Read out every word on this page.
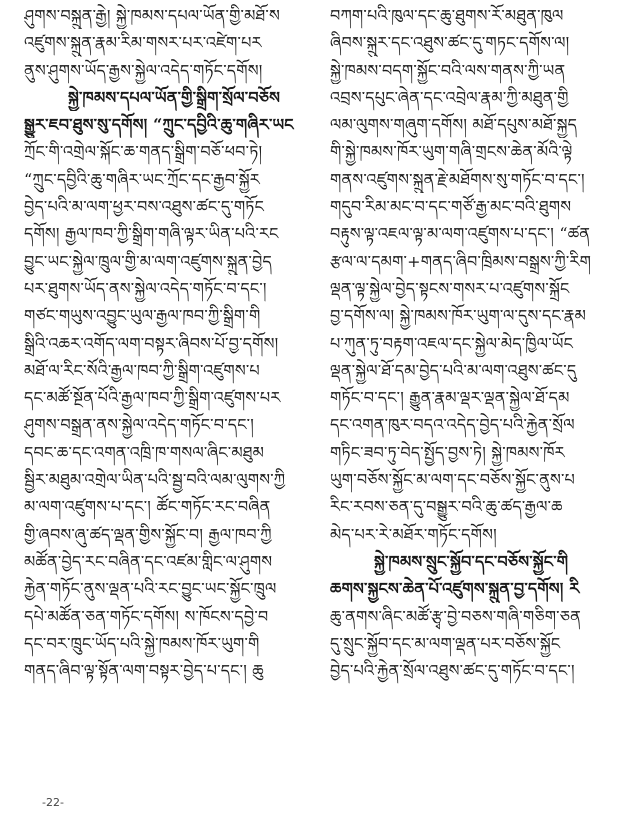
ཤུགས་བསྐྲུན་རྒྱེ། སྐྱེ་ཁམས་དཔལ་ཡོན་གྱི་མཐོ་ས
འཛུགས་སྐྲུན་རྣམ་རིམ་གསར་པར་འཛེག་པར
ནུས་ཤུགས་ཡོད་རྒྱས་སྐྱེལ་འདེད་གཏོང་དགོས།
སྐྱེ་ཁམས་དཔལ་ཡོན་གྱི་སྒྲིག་སྲོལ་བཅོས
སྒྱུར་ཇབ་ཐུས་སུ་དགོས། “ཀྲུང་དབྱིའི་ཆུ་གཞིར་ཡང
ཀྲོང་གི་འགྲེལ་སྐོང་ཆ་གནད་སྒྲིག་བཅོ་ཕབ་ཏེ།
“ཀྲུང་དབྱིའི་ཆུ་གཞིར་ཡང་ཀྲོང་དང་རྒྱབ་སྐྱོར
བྱེད་པའི་མ་ལག་ཕྱར་བས་འཐུས་ཚང་དུ་གཏོང
དགོས། རྒྱལ་ཁབ་ཀྱི་སྒྲིག་གཞི་ལྟར་ཡིན་པའི་རང
བྱུང་ཡང་སྐྱེལ་ཁྲུལ་གྱི་མ་ལག་འཛུགས་སྐྲུན་བྱེད
པར་ཐུགས་ཡོད་ནས་སྐྱེལ་འདེད་གཏོང་བ་དང་།
གཙང་གཡུས་འབྱུང་ཡུལ་རྒྱལ་ཁབ་ཀྱི་སྒྲིག་གི
སྒྲིའི་འཆར་འགོད་ལག་བསྟར་ཞིབས་པོ་བྱ་དགོས།
མཐོ་ལ་རིང་སོའི་རྒྱལ་ཁབ་ཀྱི་སྒྲིག་འཛུགས་པ
དང་མཚོ་སྔོན་པོའི་རྒྱལ་ཁབ་ཀྱི་སྒྲིག་འཛུགས་པར
ཤུགས་བསྒྲན་ནས་སྐྱེལ་འདེད་གཏོང་བ་དང་།
དབང་ཆ་དང་འགན་འཁྲི་ཁ་གསལ་ཞིང་མཐུམ
སྦྱིར་མཐུམ་འགྲེལ་ཡིན་པའི་སྦྱ་བའི་ལམ་ལུགས་ཀྱི
མ་ལག་འཛུགས་པ་དང་། ཚོང་གཏོང་རང་བཞིན
གྱི་ཞབས་ཞུ་ཚད་ལྡན་གྱིས་སྐྱོང་བ། རྒྱལ་ཁབ་ཀྱི
མཚོན་བྱེད་རང་བཞིན་དང་འཛམ་གླིང་ལ་ཤུགས
རྐྱེན་གཏོང་ནུས་ལྡན་པའི་རང་བྱུང་ཡང་སྐྱོང་ཁྲུལ
དཔེ་མཚོན་ཅན་གཏོང་དགོས། ས་ཁོངས་དབྱེ་བ
དང་བར་ཁྲུང་ཡོད་པའི་སྐྱེ་ཁམས་ཁོར་ཡུག་གི
གནད་ཞིབ་ལྟ་སྟོན་ལག་བསྟར་བྱེད་པ་དང་། ཆུ
བཀག་པའི་ཁུལ་དང་ཆུ་ཐུགས་རོ་མཐུན་ཁུལ
ཞིབས་སྐྲུར་དང་འཐུས་ཚང་དུ་གཏང་དགོས་ལ།
སྐྱེ་ཁམས་བདག་སྐྱོང་བའི་ལས་གནས་ཀྱི་ཡན
འབྲས་དཔུང་ཞེན་དང་འབྲེལ་རྣམ་ཀྱི་མཐུན་གྱི
ལམ་ལུགས་གཞུག་དགོས། མཐོ་དཔུས་མཐོ་སྐྱད
གི་སྐྱེ་ཁམས་ཁོར་ཡུག་གཞི་གྲངས་ཆེན་མོའི་ལྟེ
གནས་འཛུགས་སྐྲུན་རྗེ་མཐོགས་སུ་གཏོང་བ་དང་།
གདུབ་རིམ་མང་བ་དང་གཙོ་རྒྱ་མང་བའི་ཐུགས
བརྟུས་ལྟ་འཇལ་ལྟ་མ་ལག་འཛུགས་པ་དང་། “ཚན
རྩལ་ལ་དམག་+གནད་ཞིབ་ཁྲིམས་བསྒྲས་ཀྱི་རིག
ལྡན་ལྟ་སྐྱེལ་བྱེད་སྟངས་གསར་པ་འཛུགས་སྐྲོང
བྱ་དགོས་ལ། སྐྱེ་ཁམས་ཁོར་ཡུག་ལ་དུས་དང་རྣམ
པ་ཀུན་ཏུ་བརྟག་འཇལ་དང་སྐྱེལ་མེད་ཁྱིལ་ཡོང
ལྡན་སྐྱེལ་ཐོ་དམ་བྱེད་པའི་མ་ལག་འཐུས་ཚང་དུ
གཏོང་བ་དང་། རྒྱུན་རྣམ་ལྡར་ལྡན་སྐྱེལ་ཐོ་དམ
དང་འགན་ཁུར་བདའ་འདེད་བྱེད་པའི་རྐྱེན་སྲོལ
གཏིང་ཟབ་ཏུ་བེད་སྤྱོད་བྱས་ཏེ། སྐྱེ་ཁམས་ཁོར
ཡུག་བཅོས་སྐྱོང་མ་ལག་དང་བཅོས་སྐྱོང་ནུས་པ
རིང་རབས་ཅན་དུ་བསྒྱུར་བའི་ཆུ་ཚད་རྒྱལ་ཆ
མེད་པར་རེ་མཐོར་གཏོང་དགོས།
སྐྱེ་ཁམས་སྲུང་སྐྱོབ་དང་བཅོས་སྐྱོང་གི
ཆགས་སྐྱངས་ཆེན་པོ་འཛུགས་སྐྲུན་བྱ་དགོས། རི
ཆུ་ནགས་ཞིང་མཚོ་རྩྭ་བྱེ་བཅས་གཞི་གཅིག་ཅན
དུ་སྲུང་སྐྱོབ་དང་མ་ལག་ལྡན་པར་བཅོས་སྐྱོང
བྱེད་པའི་རྐྱེན་སྲོལ་འཐུས་ཚང་དུ་གཏོང་བ་དང་།
-22-
